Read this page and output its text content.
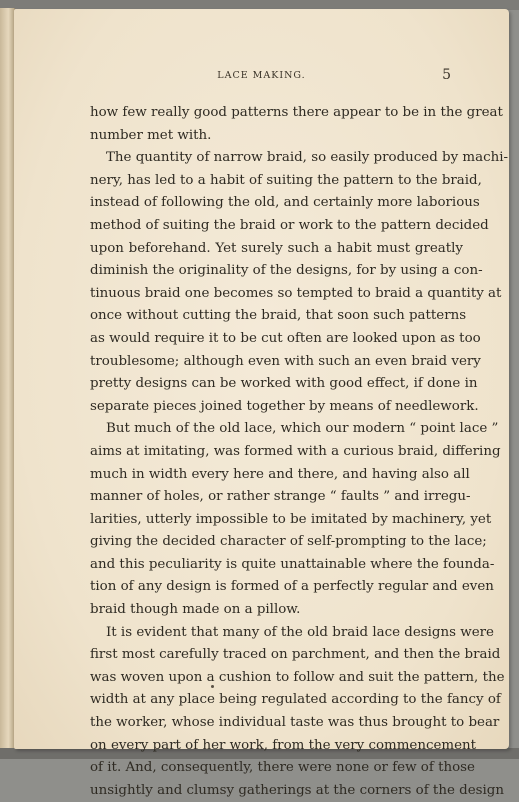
LACE MAKING.	5
how few really good patterns there appear to be in the great
number met with.
The quantity of narrow braid, so easily produced by machi-
nery, has led to a habit of suiting the pattern to the braid,
instead of following the old, and certainly more laborious
method of suiting the braid or work to the pattern decided
upon beforehand. Yet surely such a habit must greatly
diminish the originality of the designs, for by using a con-
tinuous braid one becomes so tempted to braid a quantity at
once without cutting the braid, that soon such patterns
as would require it to be cut often are looked upon as too
troublesome; although even with such an even braid very
pretty designs can be worked with good effect, if done in
separate pieces joined together by means of needlework.
But much of the old lace, which our modern “ point lace ”
aims at imitating, was formed with a curious braid, differing
much in width every here and there, and having also all
manner of holes, or rather strange “ faults ” and irregu-
larities, utterly impossible to be imitated by machinery, yet
giving the decided character of self-prompting to the lace;
and this peculiarity is quite unattainable where the founda-
tion of any design is formed of a perfectly regular and even
braid though made on a pillow.
It is evident that many of the old braid lace designs were
first most carefully traced on parchment, and then the braid
was woven upon a cushion to follow and suit the pattern, the
width at any place being regulated according to the fancy of
the worker, whose individual taste was thus brought to bear
on every part of her work, from the very commencement
of it. And, consequently, there were none or few of those
unsightly and clumsy gatherings at the corners of the design
